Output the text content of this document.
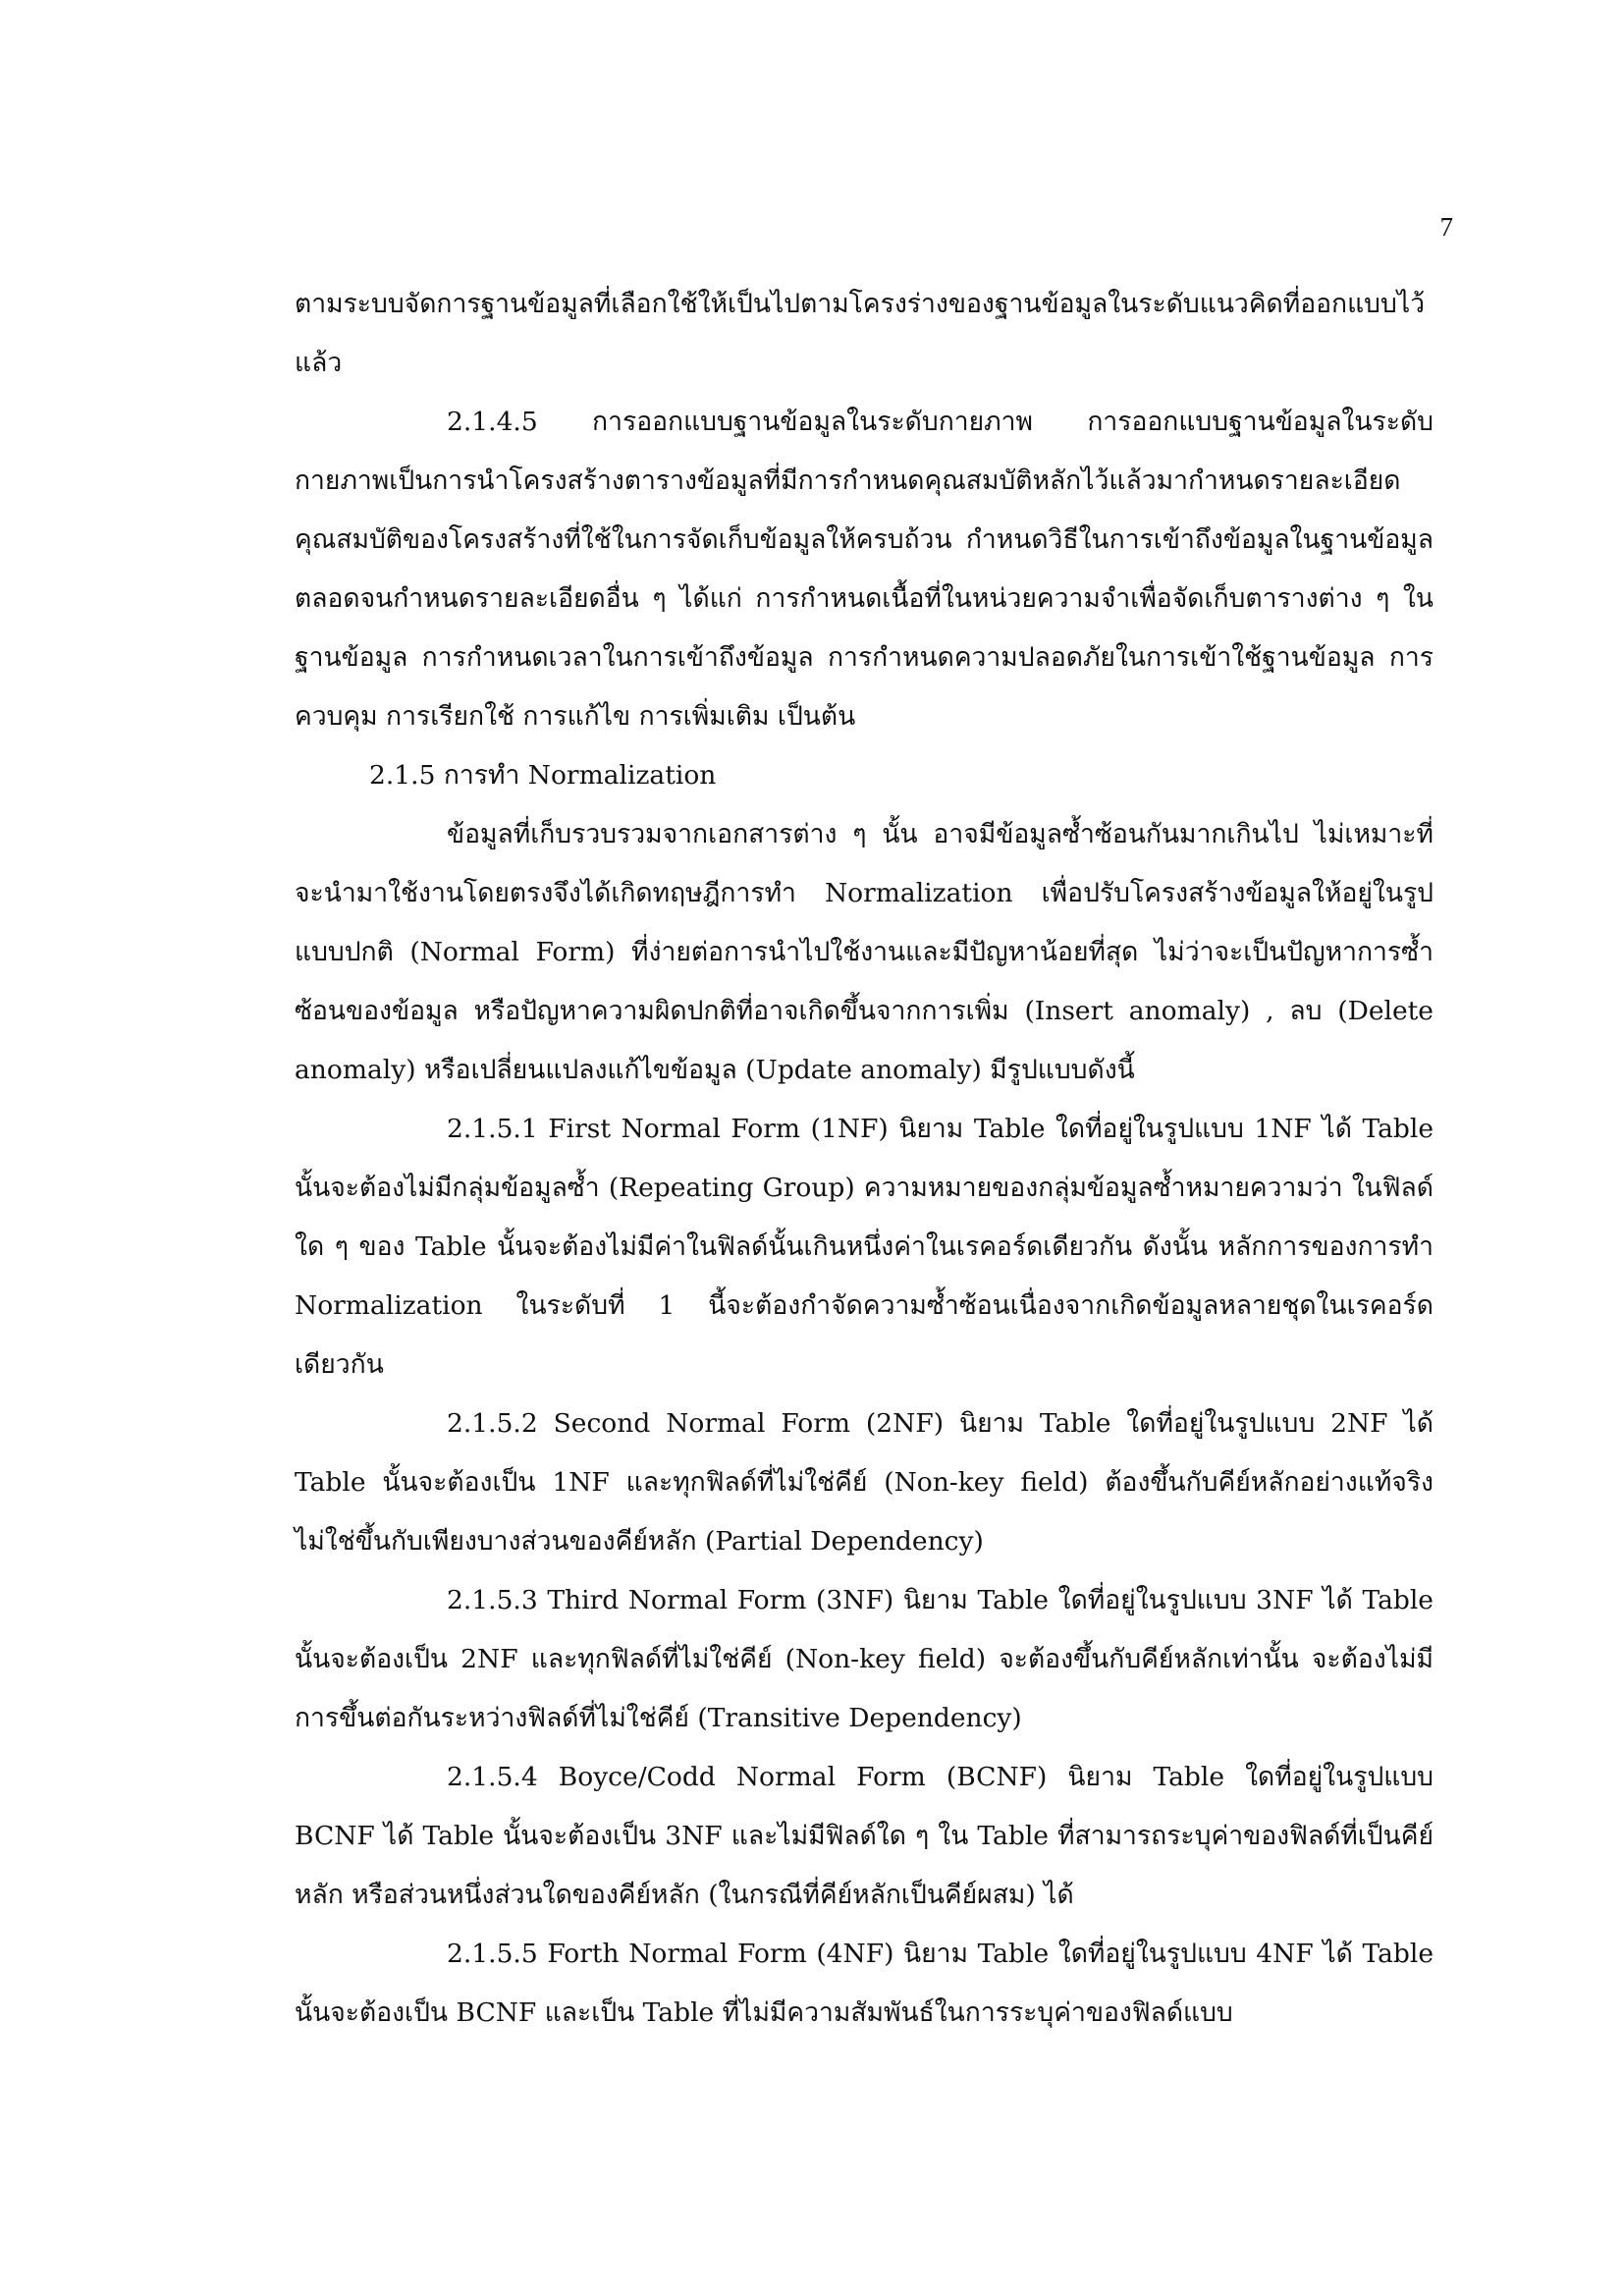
7

ตามระบบจัดการฐานข้อมูลที่เลือกใช้ให้เป็นไปตามโครงร่างของฐานข้อมูลในระดับแนวคิดที่ออกแบบไว้แล้ว

2.1.4.5 การออกแบบฐานข้อมูลในระดับกายภาพ การออกแบบฐานข้อมูลในระดับกายภาพเป็นการนำโครงสร้างตารางข้อมูลที่มีการกำหนดคุณสมบัติหลักไว้แล้วมากำหนดรายละเอียดคุณสมบัติของโครงสร้างที่ใช้ในการจัดเก็บข้อมูลให้ครบถ้วน กำหนดวิธีในการเข้าถึงข้อมูลในฐานข้อมูล ตลอดจนกำหนดรายละเอียดอื่น ๆ ได้แก่ การกำหนดเนื้อที่ในหน่วยความจำเพื่อจัดเก็บตารางต่าง ๆ ในฐานข้อมูล การกำหนดเวลาในการเข้าถึงข้อมูล การกำหนดความปลอดภัยในการเข้าใช้ฐานข้อมูล การควบคุม การเรียกใช้ การแก้ไข การเพิ่มเติม เป็นต้น

2.1.5 การทำ Normalization

ข้อมูลที่เก็บรวบรวมจากเอกสารต่าง ๆ นั้น อาจมีข้อมูลซ้ำซ้อนกันมากเกินไป ไม่เหมาะที่จะนำมาใช้งานโดยตรงจึงได้เกิดทฤษฎีการทำ Normalization เพื่อปรับโครงสร้างข้อมูลให้อยู่ในรูปแบบปกติ (Normal Form) ที่ง่ายต่อการนำไปใช้งานและมีปัญหาน้อยที่สุด ไม่ว่าจะเป็นปัญหาการซ้ำซ้อนของข้อมูล หรือปัญหาความผิดปกติที่อาจเกิดขึ้นจากการเพิ่ม (Insert anomaly) , ลบ (Delete anomaly) หรือเปลี่ยนแปลงแก้ไขข้อมูล (Update anomaly) มีรูปแบบดังนี้

2.1.5.1 First Normal Form (1NF) นิยาม Table ใดที่อยู่ในรูปแบบ 1NF ได้ Table นั้นจะต้องไม่มีกลุ่มข้อมูลซ้ำ (Repeating Group) ความหมายของกลุ่มข้อมูลซ้ำหมายความว่า ในฟิลด์ใด ๆ ของ Table นั้นจะต้องไม่มีค่าในฟิลด์นั้นเกินหนึ่งค่าในเรคอร์ดเดียวกัน ดังนั้น หลักการของการทำ Normalization ในระดับที่ 1 นี้จะต้องกำจัดความซ้ำซ้อนเนื่องจากเกิดข้อมูลหลายชุดในเรคอร์ดเดียวกัน

2.1.5.2 Second Normal Form (2NF) นิยาม Table ใดที่อยู่ในรูปแบบ 2NF ได้ Table นั้นจะต้องเป็น 1NF และทุกฟิลด์ที่ไม่ใช่คีย์ (Non-key field) ต้องขึ้นกับคีย์หลักอย่างแท้จริง ไม่ใช่ขึ้นกับเพียงบางส่วนของคีย์หลัก (Partial Dependency)

2.1.5.3 Third Normal Form (3NF) นิยาม Table ใดที่อยู่ในรูปแบบ 3NF ได้ Table นั้นจะต้องเป็น 2NF และทุกฟิลด์ที่ไม่ใช่คีย์ (Non-key field) จะต้องขึ้นกับคีย์หลักเท่านั้น จะต้องไม่มีการขึ้นต่อกันระหว่างฟิลด์ที่ไม่ใช่คีย์ (Transitive Dependency)

2.1.5.4 Boyce/Codd Normal Form (BCNF) นิยาม Table ใดที่อยู่ในรูปแบบ BCNF ได้ Table นั้นจะต้องเป็น 3NF และไม่มีฟิลด์ใด ๆ ใน Table ที่สามารถระบุค่าของฟิลด์ที่เป็นคีย์หลัก หรือส่วนหนึ่งส่วนใดของคีย์หลัก (ในกรณีที่คีย์หลักเป็นคีย์ผสม) ได้

2.1.5.5 Forth Normal Form (4NF) นิยาม Table ใดที่อยู่ในรูปแบบ 4NF ได้ Table นั้นจะต้องเป็น BCNF และเป็น Table ที่ไม่มีความสัมพันธ์ในการระบุค่าของฟิลด์แบบ
